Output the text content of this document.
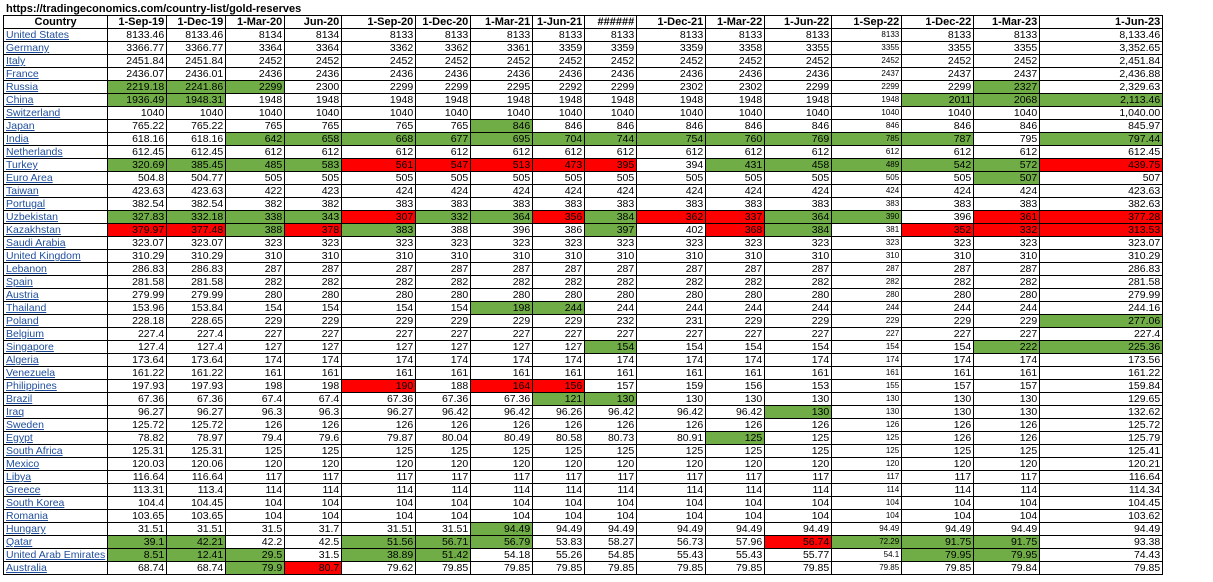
https://tradingeconomics.com/country-list/gold-reserves
Country	1-Sep-19	1-Dec-19	1-Mar-20	Jun-20	1-Sep-20	1-Dec-20	1-Mar-21	1-Jun-21	######	1-Dec-21	1-Mar-22	1-Jun-22	1-Sep-22	1-Dec-22	1-Mar-23	1-Jun-23
United States	8133.46	8133.46	8134	8134	8133	8133	8133	8133	8133	8133	8133	8133	8133	8133	8133	8,133.46
Germany	3366.77	3366.77	3364	3364	3362	3362	3361	3359	3359	3359	3358	3355	3355	3355	3355	3,352.65
Italy	2451.84	2451.84	2452	2452	2452	2452	2452	2452	2452	2452	2452	2452	2452	2452	2452	2,451.84
France	2436.07	2436.01	2436	2436	2436	2436	2436	2436	2436	2436	2436	2436	2437	2437	2437	2,436.88
Russia	2219.18	2241.86	2299	2300	2299	2299	2295	2292	2299	2302	2302	2299	2299	2299	2327	2,329.63
China	1936.49	1948.31	1948	1948	1948	1948	1948	1948	1948	1948	1948	1948	1948	2011	2068	2,113.46
Switzerland	1040	1040	1040	1040	1040	1040	1040	1040	1040	1040	1040	1040	1040	1040	1040	1,040.00
Japan	765.22	765.22	765	765	765	765	846	846	846	846	846	846	846	846	846	845.97
India	618.16	618.16	642	658	668	677	695	704	744	754	760	769	785	787	795	797.44
Netherlands	612.45	612.45	612	612	612	612	612	612	612	612	612	612	612	612	612	612.45
Turkey	320.69	385.45	485	583	561	547	513	473	395	394	431	458	489	542	572	439.75
Euro Area	504.8	504.77	505	505	505	505	505	505	505	505	505	505	505	505	507	507
Taiwan	423.63	423.63	422	423	424	424	424	424	424	424	424	424	424	424	424	423.63
Portugal	382.54	382.54	382	382	383	383	383	383	383	383	383	383	383	383	383	382.63
Uzbekistan	327.83	332.18	338	343	307	332	364	356	384	362	337	364	390	396	361	377.28
Kazakhstan	379.97	377.48	388	378	383	388	396	386	397	402	368	384	381	352	332	313.53
Saudi Arabia	323.07	323.07	323	323	323	323	323	323	323	323	323	323	323	323	323	323.07
United Kingdom	310.29	310.29	310	310	310	310	310	310	310	310	310	310	310	310	310	310.29
Lebanon	286.83	286.83	287	287	287	287	287	287	287	287	287	287	287	287	287	286.83
Spain	281.58	281.58	282	282	282	282	282	282	282	282	282	282	282	282	282	281.58
Austria	279.99	279.99	280	280	280	280	280	280	280	280	280	280	280	280	280	279.99
Thailand	153.96	153.84	154	154	154	154	198	244	244	244	244	244	244	244	244	244.16
Poland	228.18	228.65	229	229	229	229	229	229	232	231	229	229	229	229	229	277.06
Belgium	227.4	227.4	227	227	227	227	227	227	227	227	227	227	227	227	227	227.4
Singapore	127.4	127.4	127	127	127	127	127	127	154	154	154	154	154	154	222	225.36
Algeria	173.64	173.64	174	174	174	174	174	174	174	174	174	174	174	174	174	173.56
Venezuela	161.22	161.22	161	161	161	161	161	161	161	161	161	161	161	161	161	161.22
Philippines	197.93	197.93	198	198	190	188	164	156	157	159	156	153	155	157	157	159.84
Brazil	67.36	67.36	67.4	67.4	67.36	67.36	67.36	121	130	130	130	130	130	130	130	129.65
Iraq	96.27	96.27	96.3	96.3	96.27	96.42	96.42	96.26	96.42	96.42	96.42	130	130	130	130	132.62
Sweden	125.72	125.72	126	126	126	126	126	126	126	126	126	126	126	126	126	125.72
Egypt	78.82	78.97	79.4	79.6	79.87	80.04	80.49	80.58	80.73	80.91	125	125	125	126	126	125.79
South Africa	125.31	125.31	125	125	125	125	125	125	125	125	125	125	125	125	125	125.41
Mexico	120.03	120.06	120	120	120	120	120	120	120	120	120	120	120	120	120	120.21
Libya	116.64	116.64	117	117	117	117	117	117	117	117	117	117	117	117	117	116.64
Greece	113.31	113.4	114	114	114	114	114	114	114	114	114	114	114	114	114	114.34
South Korea	104.4	104.45	104	104	104	104	104	104	104	104	104	104	104	104	104	104.45
Romania	103.65	103.65	104	104	104	104	104	104	104	104	104	104	104	104	104	103.62
Hungary	31.51	31.51	31.5	31.7	31.51	31.51	94.49	94.49	94.49	94.49	94.49	94.49	94.49	94.49	94.49	94.49
Qatar	39.1	42.21	42.2	42.5	51.56	56.71	56.79	53.83	58.27	56.73	57.96	56.74	72.29	91.75	91.75	93.38
United Arab Emirates	8.51	12.41	29.5	31.5	38.89	51.42	54.18	55.26	54.85	55.43	55.43	55.77	54.1	79.95	79.95	74.43
Australia	68.74	68.74	79.9	80.7	79.62	79.85	79.85	79.85	79.85	79.85	79.85	79.85	79.85	79.85	79.84	79.85
